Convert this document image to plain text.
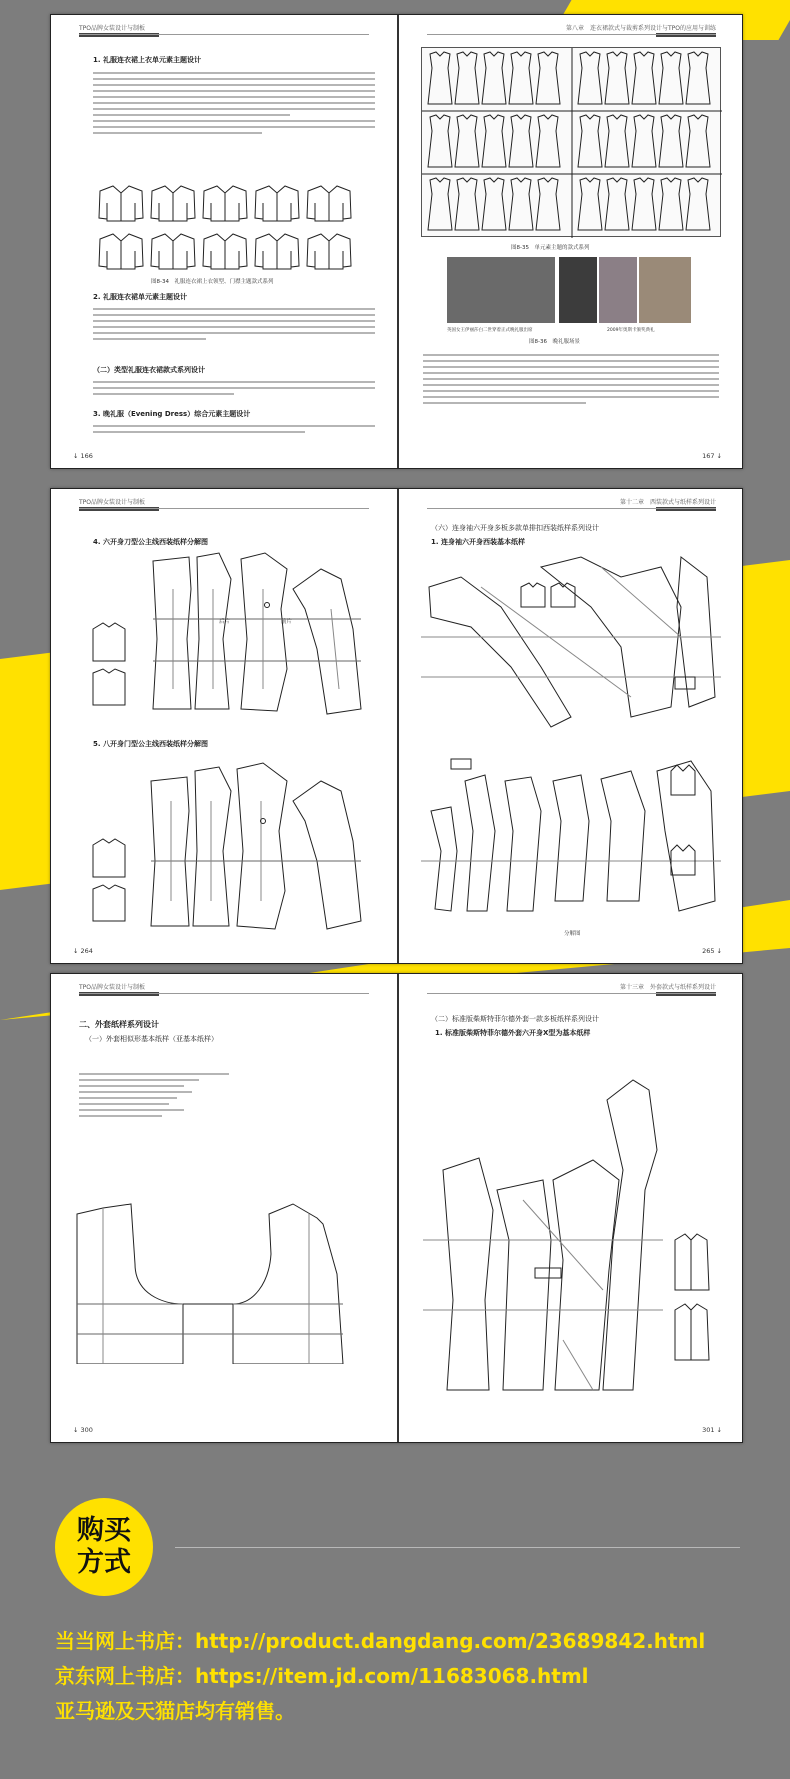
TPO品牌女装设计与制板
1. 礼服连衣裙上衣单元素主题设计
图8-34　礼服连衣裙上衣领型、门襟主题款式系列
2. 礼服连衣裙单元素主题设计
（二）类型礼服连衣裙款式系列设计
3. 晚礼服（Evening Dress）综合元素主题设计
↓ 166
第八章　连衣裙款式与裁剪系列设计与TPO的应用与训练
图8-35　单元素主题的款式系列
英国女王伊丽莎白二世穿着正式晚礼服出席	2009年奥斯卡颁奖典礼
图8-36　晚礼服场景
167 ↓
TPO品牌女装设计与制板
4. 六开身刀型公主线西装纸样分解图
后片	前片
5. 八开身门型公主线西装纸样分解图
↓ 264
第十二章　西装款式与纸样系列设计
（六）连身袖六开身多板多款单排扣西装纸样系列设计
1. 连身袖六开身西装基本纸样
分解图
265 ↓
TPO品牌女装设计与制板
二、外套纸样系列设计
（一）外套相似形基本纸样（亚基本纸样）
↓ 300
第十三章　外套款式与纸样系列设计
（二）标准版柴斯特菲尔德外套一款多板纸样系列设计
1. 标准版柴斯特菲尔德外套六开身X型为基本纸样
301 ↓
购买
方式
当当网上书店：http://product.dangdang.com/23689842.html
京东网上书店：https://item.jd.com/11683068.html
亚马逊及天猫店均有销售。
